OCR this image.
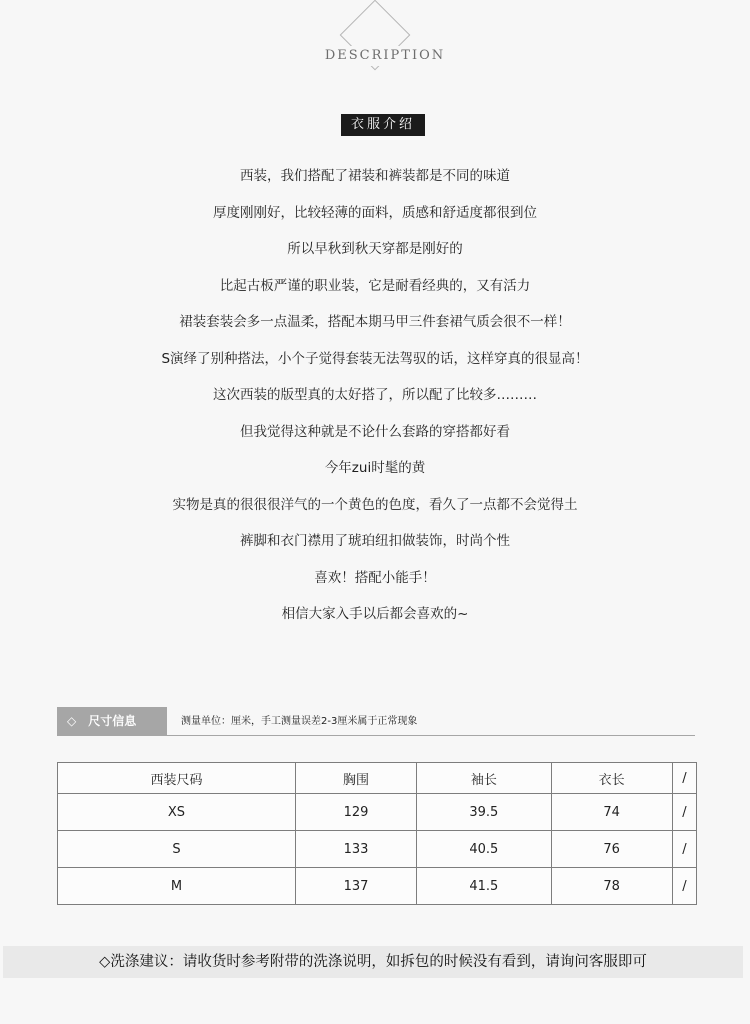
DESCRIPTION
衣服介绍
西装，我们搭配了裙装和裤装都是不同的味道
厚度刚刚好，比较轻薄的面料，质感和舒适度都很到位
所以早秋到秋天穿都是刚好的
比起古板严谨的职业装，它是耐看经典的，又有活力
裙装套装会多一点温柔，搭配本期马甲三件套裙气质会很不一样！
S演绎了别种搭法，小个子觉得套装无法驾驭的话，这样穿真的很显高！
这次西装的版型真的太好搭了，所以配了比较多………
但我觉得这种就是不论什么套路的穿搭都好看
今年zui时髦的黄
实物是真的很很很洋气的一个黄色的色度，看久了一点都不会觉得土
裤脚和衣门襟用了琥珀纽扣做装饰，时尚个性
喜欢！搭配小能手！
相信大家入手以后都会喜欢的~
◇ 尺寸信息	测量单位：厘米，手工测量误差2-3厘米属于正常现象
西装尺码	胸围	袖长	衣长	/
XS	129	39.5	74	/
S	133	40.5	76	/
M	137	41.5	78	/
◇洗涤建议：请收货时参考附带的洗涤说明，如拆包的时候没有看到，请询问客服即可
